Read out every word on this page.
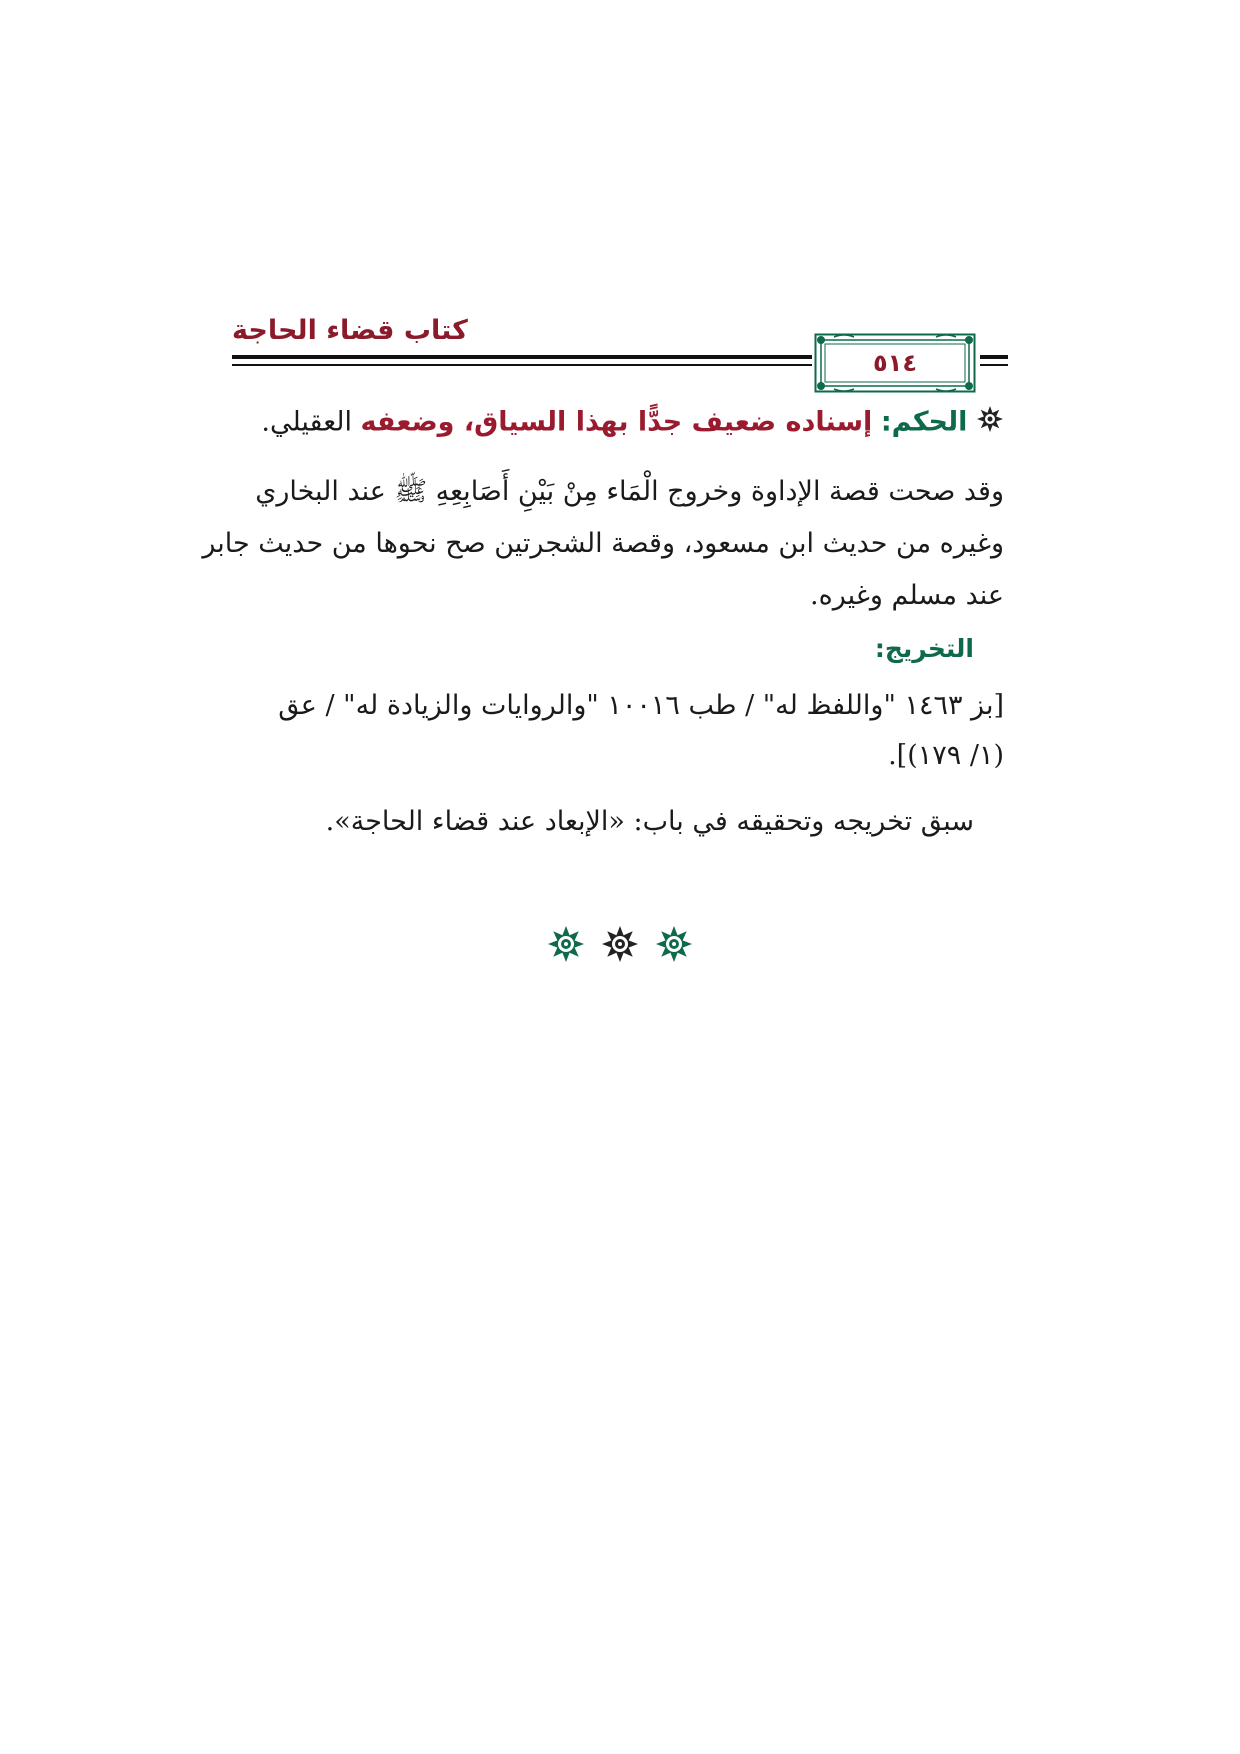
كتاب قضاء الحاجة
٥١٤
الحكم: إسناده ضعيف جدًّا بهذا السياق، وضعفه العقيلي.
وقد صحت قصة الإداوة وخروج الْمَاء مِنْ بَيْنِ أَصَابِعِهِ ﷺ عند البخاري
وغيره من حديث ابن مسعود، وقصة الشجرتين صح نحوها من حديث جابر
عند مسلم وغيره.
التخريج:
[بز ١٤٦٣ "واللفظ له" / طب ١٠٠١٦ "والروايات والزيادة له" / عق
(١/ ١٧٩)].
سبق تخريجه وتحقيقه في باب: «الإبعاد عند قضاء الحاجة».
